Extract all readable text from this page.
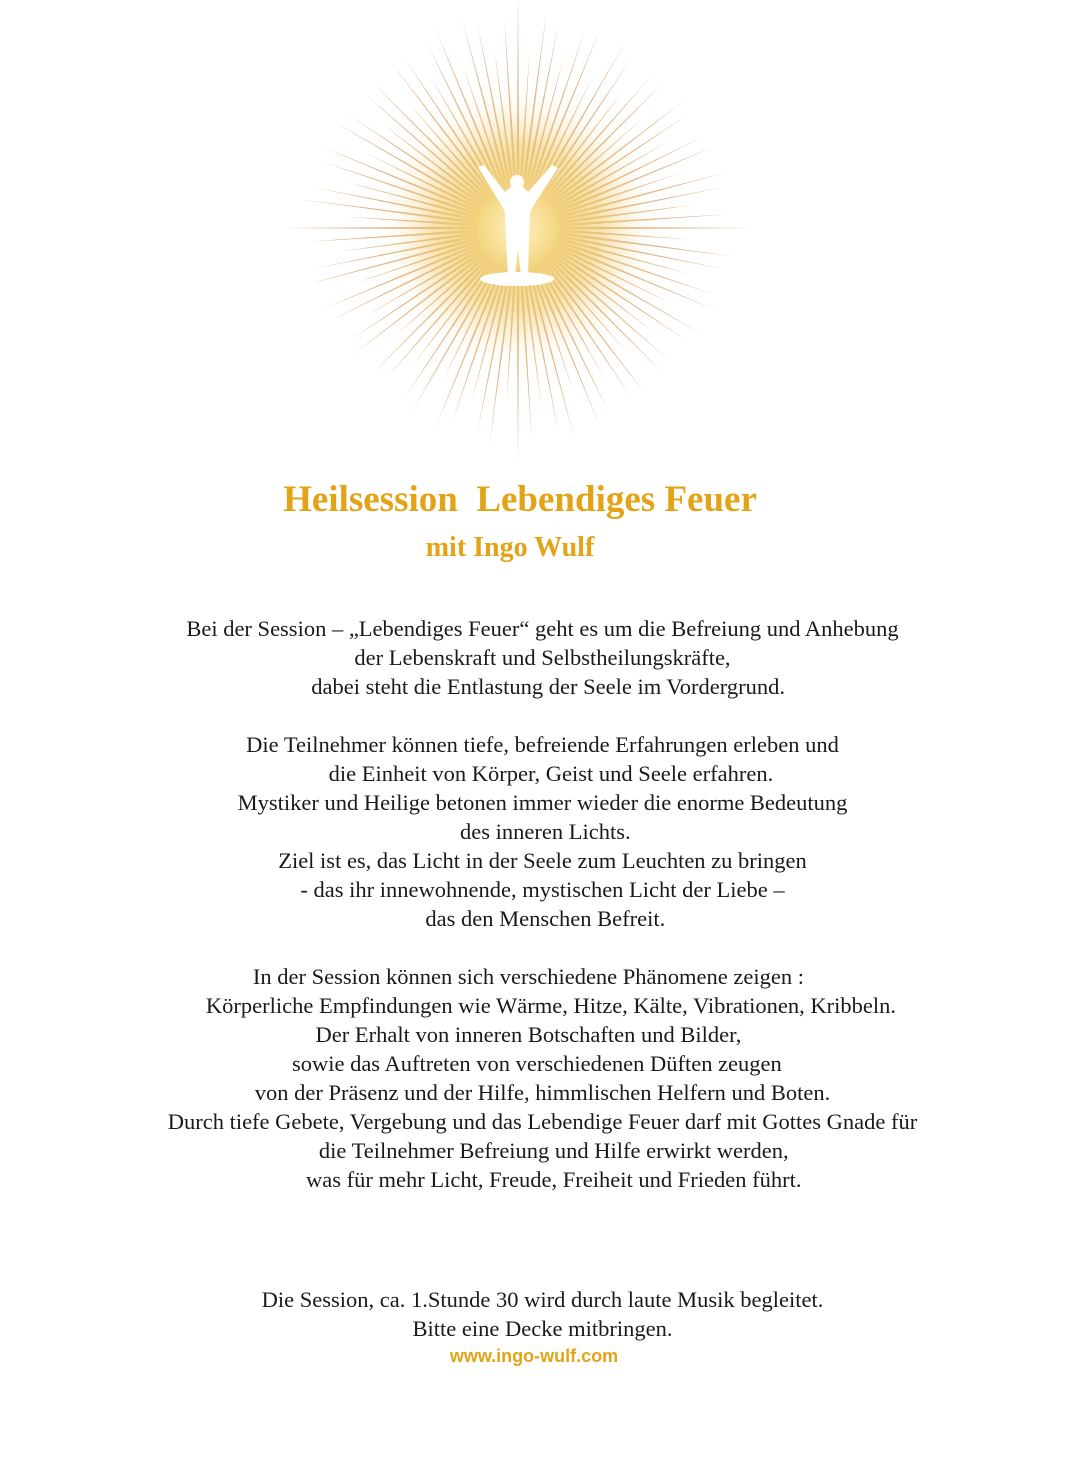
Heilsession  Lebendiges Feuer
mit Ingo Wulf
Bei der Session – „Lebendiges Feuer“ geht es um die Befreiung und Anhebung
der Lebenskraft und Selbstheilungskräfte,
dabei steht die Entlastung der Seele im Vordergrund.
Die Teilnehmer können tiefe, befreiende Erfahrungen erleben und
die Einheit von Körper, Geist und Seele erfahren.
Mystiker und Heilige betonen immer wieder die enorme Bedeutung
des inneren Lichts.
Ziel ist es, das Licht in der Seele zum Leuchten zu bringen
- das ihr innewohnende, mystischen Licht der Liebe –
das den Menschen Befreit.
In der Session können sich verschiedene Phänomene zeigen :
Körperliche Empfindungen wie Wärme, Hitze, Kälte, Vibrationen, Kribbeln.
Der Erhalt von inneren Botschaften und Bilder,
sowie das Auftreten von verschiedenen Düften zeugen
von der Präsenz und der Hilfe, himmlischen Helfern und Boten.
Durch tiefe Gebete, Vergebung und das Lebendige Feuer darf mit Gottes Gnade für
die Teilnehmer Befreiung und Hilfe erwirkt werden,
was für mehr Licht, Freude, Freiheit und Frieden führt.
Die Session, ca. 1.Stunde 30 wird durch laute Musik begleitet.
Bitte eine Decke mitbringen.

www.ingo-wulf.com
